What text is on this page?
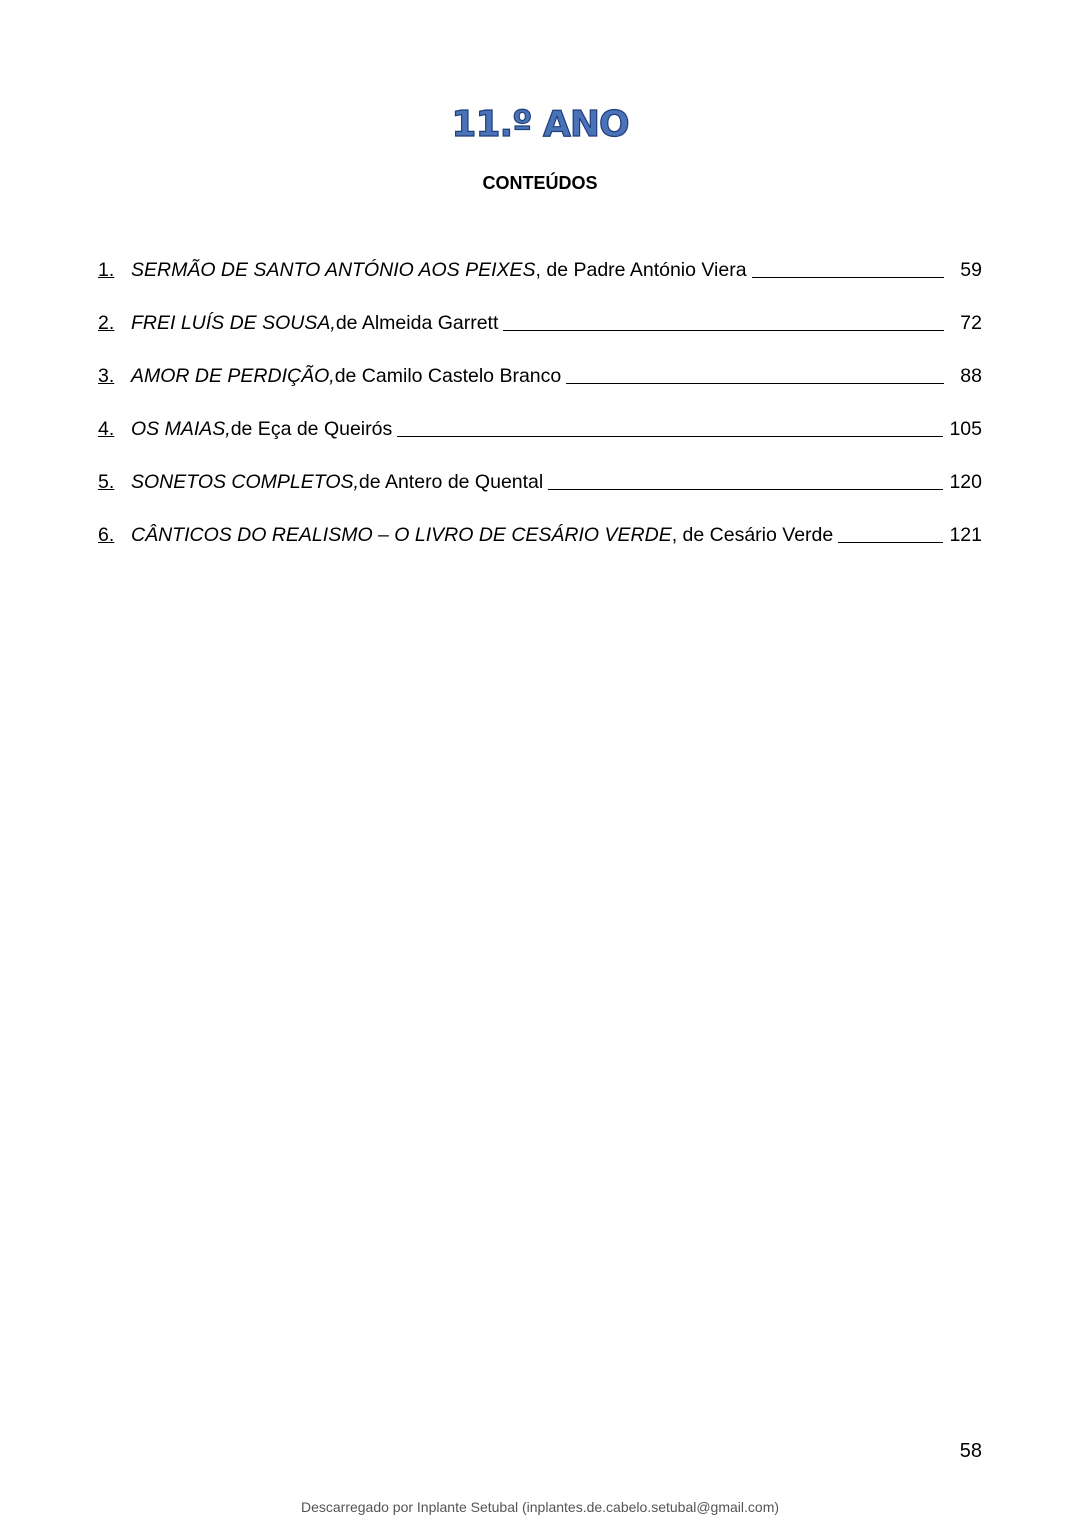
11.º ANO
CONTEÚDOS
1. SERMÃO DE SANTO ANTÓNIO AOS PEIXES , de Padre António Viera	59
2. FREI LUÍS DE SOUSA, de Almeida Garrett	72
3. AMOR DE PERDIÇÃO, de Camilo Castelo Branco	88
4. OS MAIAS, de Eça de Queirós	105
5. SONETOS COMPLETOS, de Antero de Quental	120
6. CÂNTICOS DO REALISMO – O LIVRO DE CESÁRIO VERDE , de Cesário Verde	121
58
Descarregado por Inplante Setubal (inplantes.de.cabelo.setubal@gmail.com)
